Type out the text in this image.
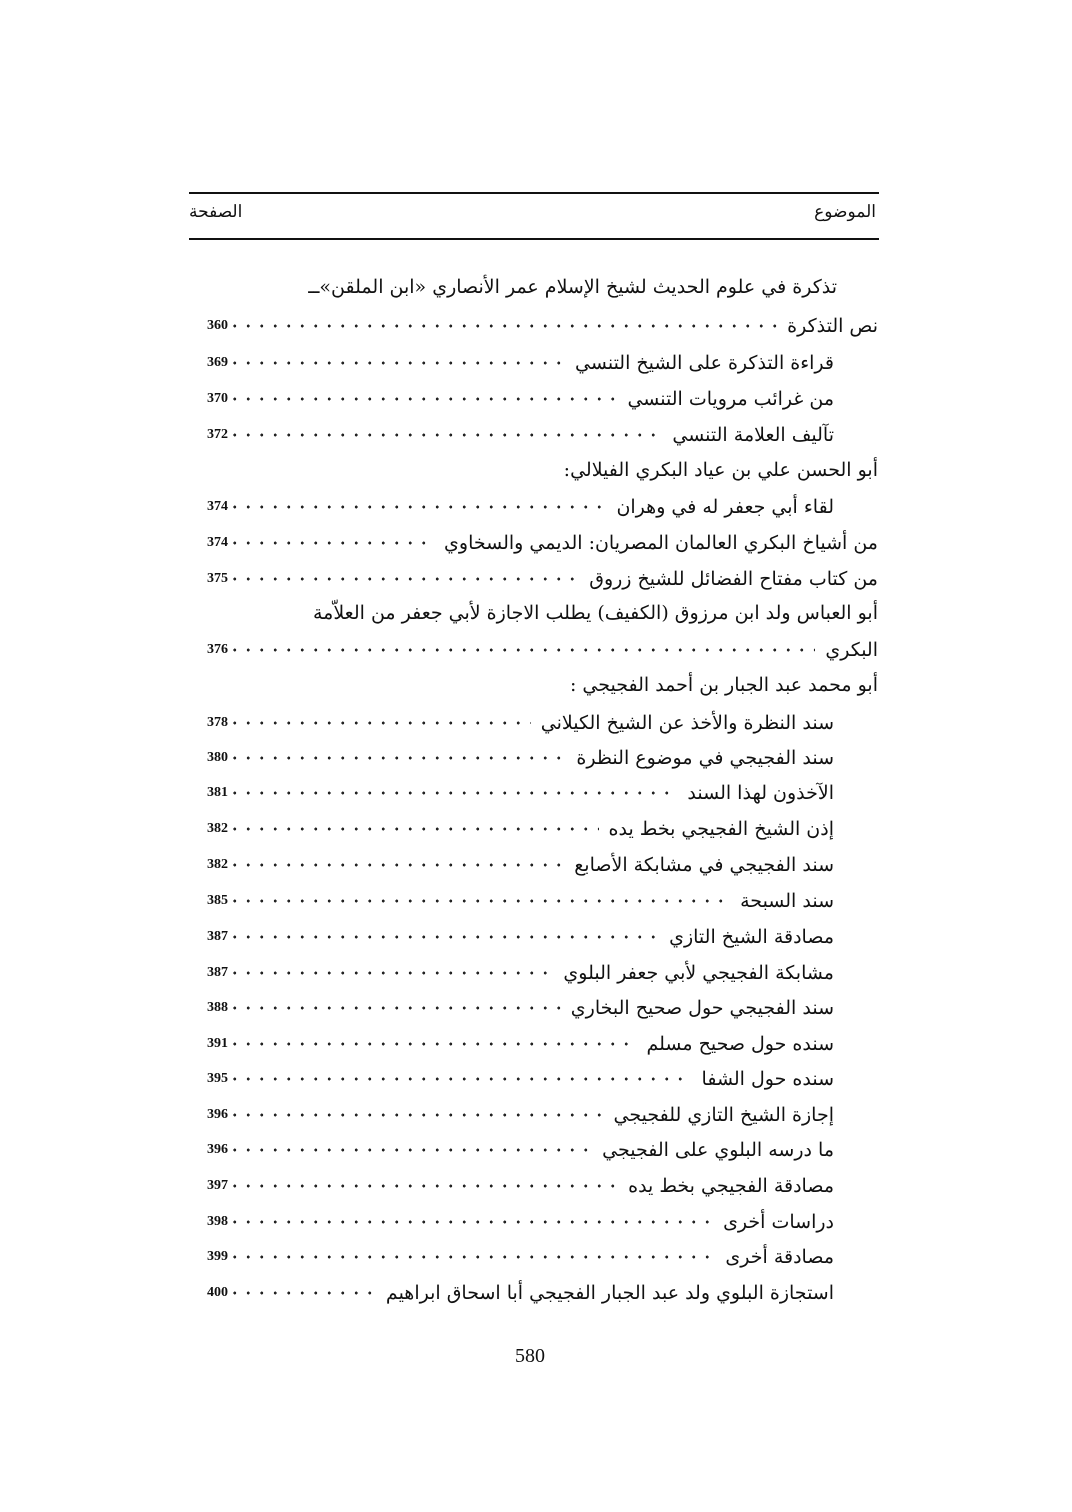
الموضوع
الصفحة
تذكرة في علوم الحديث لشيخ الإسلام عمر الأنصاري «ابن الملقن»ــ
نص التذكرة
360
قراءة التذكرة على الشيخ التنسي
369
من غرائب مرويات التنسي
370
تآليف العلامة التنسي
372
أبو الحسن علي بن عياد البكري الفيلالي:
لقاء أبي جعفر له في وهران
374
من أشياخ البكري العالمان المصريان: الديمي والسخاوي
374
من كتاب مفتاح الفضائل للشيخ زروق
375
أبو العباس ولد ابن مرزوق (الكفيف) يطلب الاجازة لأبي جعفر من العلاّمة
البكري
376
أبو محمد عبد الجبار بن أحمد الفجيجي :
سند النظرة والأخذ عن الشيخ الكيلاني
378
سند الفجيجي في موضوع النظرة
380
الآخذون لهذا السند
381
إذن الشيخ الفجيجي بخط يده
382
سند الفجيجي في مشابكة الأصابع
382
سند السبحة
385
مصادقة الشيخ التازي
387
مشابكة الفجيجي لأبي جعفر البلوي
387
سند الفجيجي حول صحيح البخاري
388
سنده حول صحيح مسلم
391
سنده حول الشفا
395
إجازة الشيخ التازي للفجيجي
396
ما درسه البلوي على الفجيجي
396
مصادقة الفجيجي بخط يده
397
دراسات أخرى
398
مصادقة أخرى
399
استجازة البلوي ولد عبد الجبار الفجيجي أبا اسحاق ابراهيم
400
580
